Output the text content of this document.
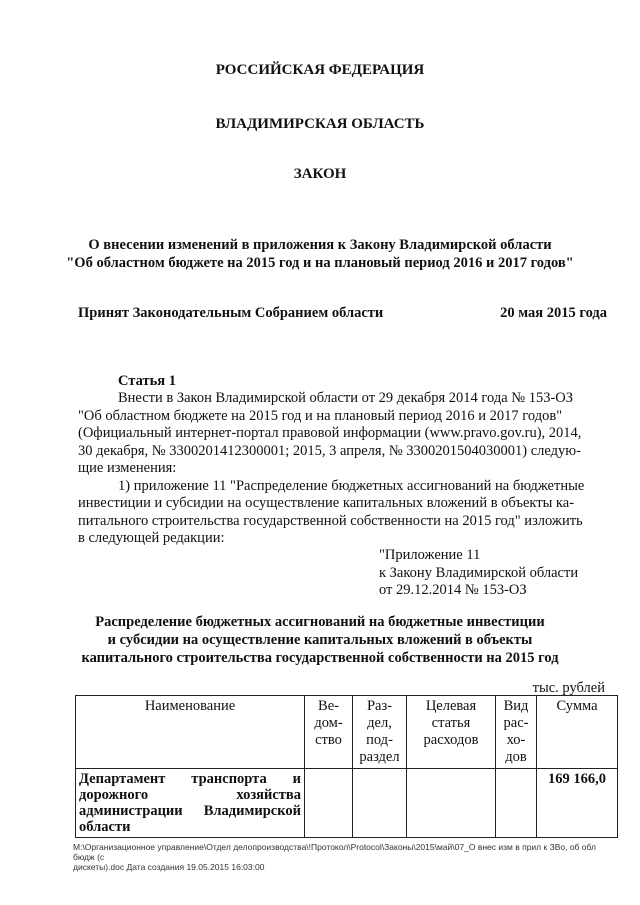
РОССИЙСКАЯ ФЕДЕРАЦИЯ
ВЛАДИМИРСКАЯ ОБЛАСТЬ
ЗАКОН
О внесении изменений в приложения к Закону Владимирской области
"Об областном бюджете на 2015 год и на плановый период 2016 и 2017 годов"
Принят Законодательным Собранием области	20 мая 2015 года
Статья 1
Внести в Закон Владимирской области от 29 декабря 2014 года № 153-ОЗ
"Об областном бюджете на 2015 год и на плановый период 2016 и 2017 годов"
(Официальный интернет-портал правовой информации (www.pravo.gov.ru), 2014,
30 декабря, № 3300201412300001; 2015, 3 апреля, № 3300201504030001) следую-
щие изменения:
1) приложение 11 "Распределение бюджетных ассигнований на бюджетные
инвестиции и субсидии на осуществление капитальных вложений в объекты ка-
питального строительства государственной собственности на 2015 год" изложить
в следующей редакции:
"Приложение 11
к Закону Владимирской области
от 29.12.2014 № 153-ОЗ
Распределение бюджетных ассигнований на бюджетные инвестиции
и субсидии на осуществление капитальных вложений в объекты
капитального строительства государственной собственности на 2015 год
тыс. рублей
Наименование	Ве-
дом-
ство	Раз-
дел,
под-
раздел	Целевая
статья
расходов	Вид
рас-
хо-
дов	Сумма
Департамент транспорта и дорожного хозяйства администрации Владимирской области					169 166,0
M:\Организационное управление\Отдел делопроизводства\!Протокол\Protocol\Законы\2015\май\07_О внес изм в прил к ЗВо, об обл бюдж (с
дискеты).doc Дата создания 19.05.2015 16:03:00
